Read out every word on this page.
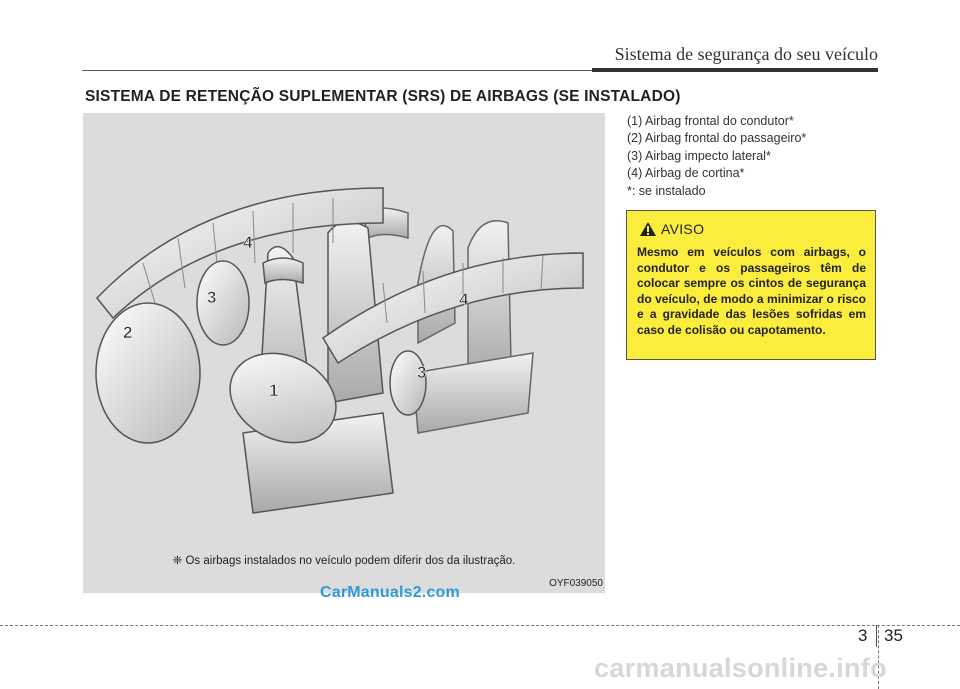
Sistema de segurança do seu veículo
SISTEMA DE RETENÇÃO SUPLEMENTAR (SRS) DE AIRBAGS (SE INSTALADO)
1
2
3
3
4
4
❈ Os airbags instalados no veículo podem diferir dos da ilustração.
OYF039050
(1) Airbag frontal do condutor*
(2) Airbag frontal do passageiro*
(3) Airbag impecto lateral*
(4) Airbag de cortina*
*: se instalado
AVISO
Mesmo em veículos com airbags, o condutor e os passageiros têm de colocar sempre os cintos de segurança do veículo, de modo a minimizar o risco e a gravidade das lesões sofridas em caso de colisão ou capotamento.
CarManuals2.com
3 35
carmanualsonline.info
